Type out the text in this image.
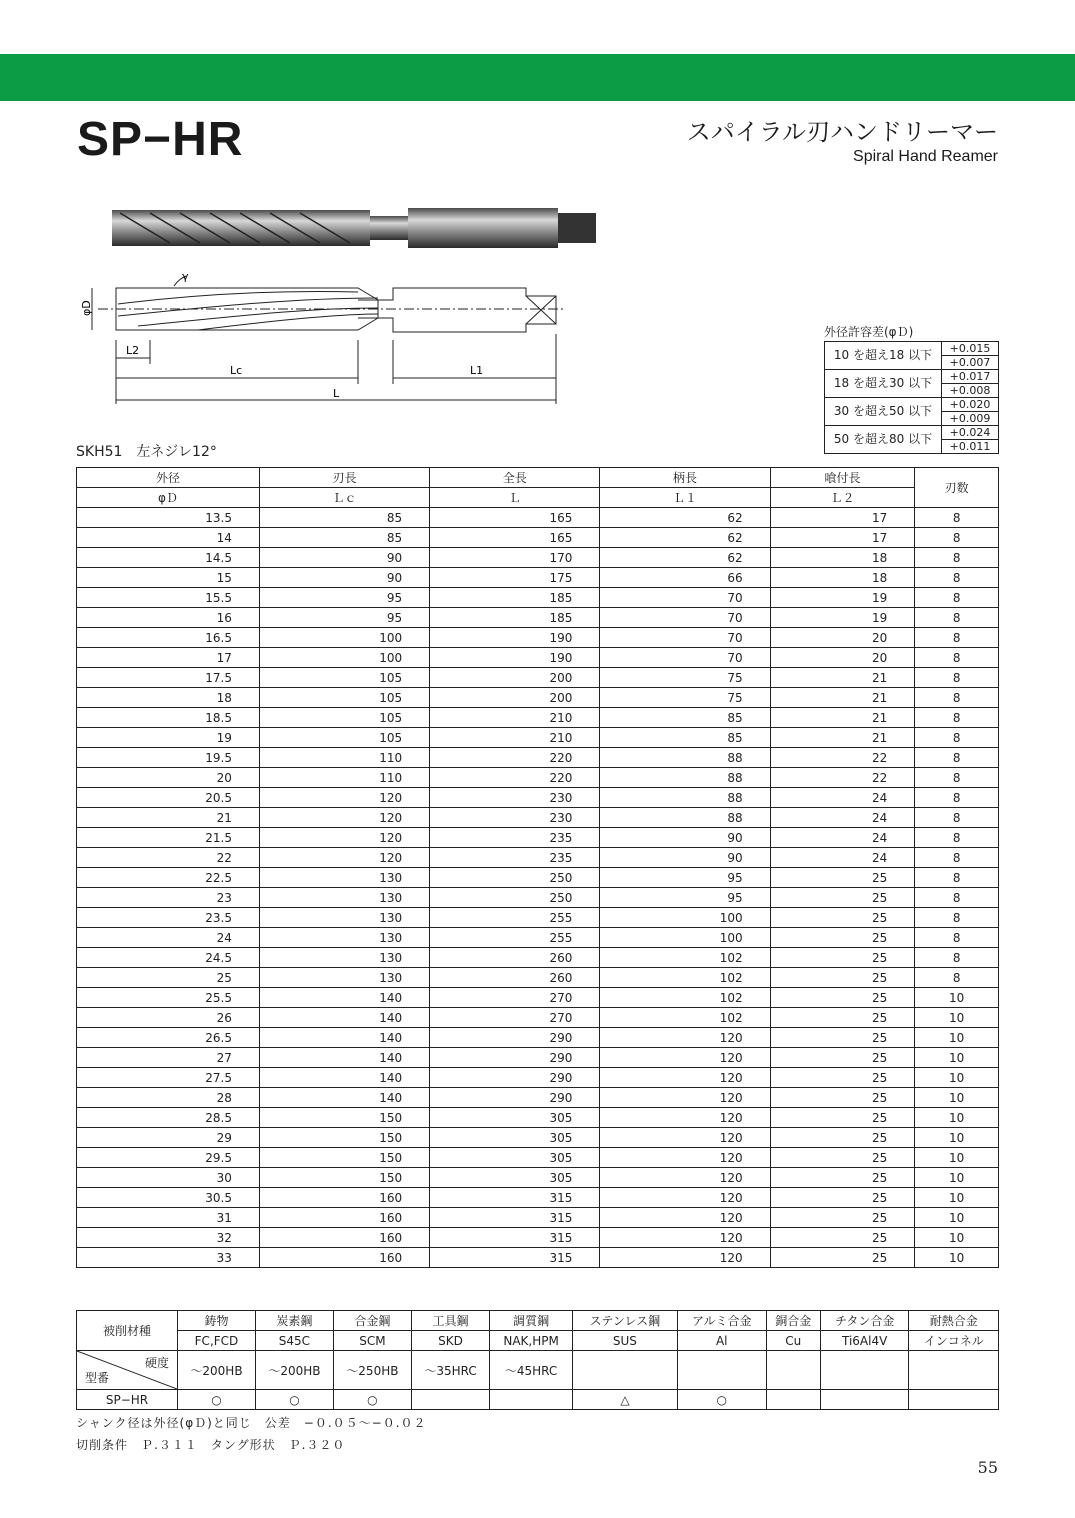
SP−HR	スパイラル刃ハンドリーマー
Spiral Hand Reamer
φD
L2
Lc	L1
L
γ
外径許容差(φＤ)
10 を超え18 以下	+0.015
	+0.007
18 を超え30 以下	+0.017
	+0.008
30 を超え50 以下	+0.020
	+0.009
50 を超え80 以下	+0.024
	+0.011
SKH51　左ネジレ12°
外径	刃長	全長	柄長	喰付長	刃数
φＤ	Ｌｃ	Ｌ	Ｌ１	Ｌ２	
13.5	85	165	62	17	8
14	85	165	62	17	8
14.5	90	170	62	18	8
15	90	175	66	18	8
15.5	95	185	70	19	8
16	95	185	70	19	8
16.5	100	190	70	20	8
17	100	190	70	20	8
17.5	105	200	75	21	8
18	105	200	75	21	8
18.5	105	210	85	21	8
19	105	210	85	21	8
19.5	110	220	88	22	8
20	110	220	88	22	8
20.5	120	230	88	24	8
21	120	230	88	24	8
21.5	120	235	90	24	8
22	120	235	90	24	8
22.5	130	250	95	25	8
23	130	250	95	25	8
23.5	130	255	100	25	8
24	130	255	100	25	8
24.5	130	260	102	25	8
25	130	260	102	25	8
25.5	140	270	102	25	10
26	140	270	102	25	10
26.5	140	290	120	25	10
27	140	290	120	25	10
27.5	140	290	120	25	10
28	140	290	120	25	10
28.5	150	305	120	25	10
29	150	305	120	25	10
29.5	150	305	120	25	10
30	150	305	120	25	10
30.5	160	315	120	25	10
31	160	315	120	25	10
32	160	315	120	25	10
33	160	315	120	25	10
被削材種	鋳物	炭素鋼	合金鋼	工具鋼	調質鋼	ステンレス鋼	アルミ合金	銅合金	チタン合金	耐熱合金
	FC,FCD	S45C	SCM	SKD	NAK,HPM	SUS	Al	Cu	Ti6Al4V	インコネル

硬度
型番	～200HB	～200HB	～250HB	～35HRC	～45HRC					
SP−HR	○	○	○			△	○			
シャンク径は外径(φＤ)と同じ　公差　−０.０５〜−０.０２
切削条件　Ｐ.３１１　タング形状　Ｐ.３２０
55
